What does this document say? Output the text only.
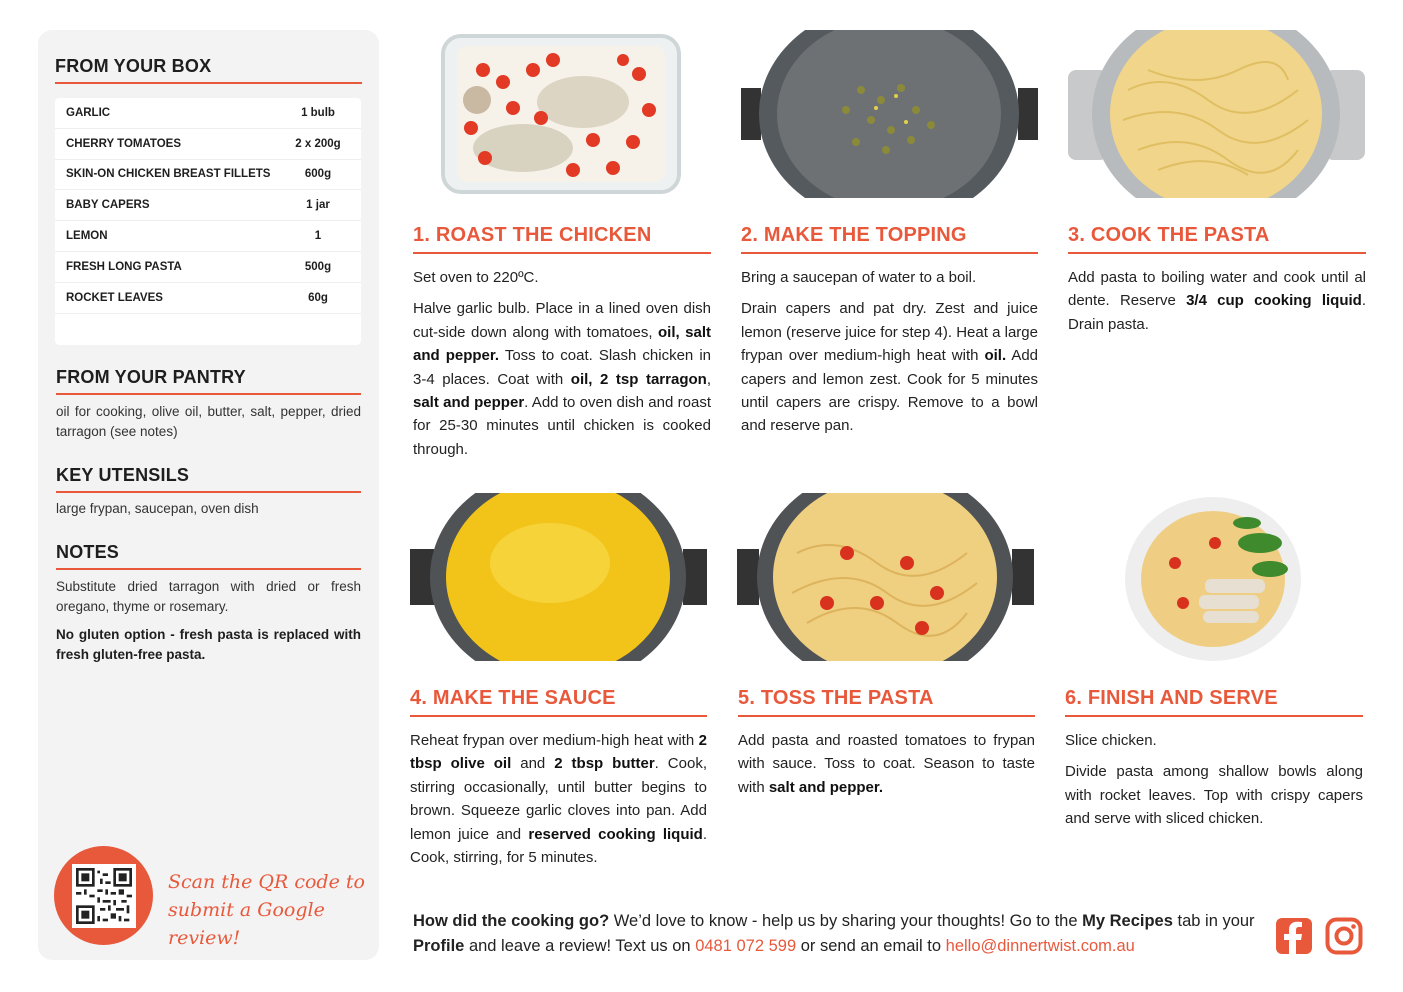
FROM YOUR BOX
GARLIC	1 bulb
CHERRY TOMATOES	2 x 200g
SKIN-ON CHICKEN BREAST FILLETS	600g
BABY CAPERS	1 jar
LEMON	1
FRESH LONG PASTA	500g
ROCKET LEAVES	60g
FROM YOUR PANTRY
oil for cooking, olive oil, butter, salt, pepper, dried tarragon (see notes)
KEY UTENSILS
large frypan, saucepan, oven dish
NOTES
Substitute dried tarragon with dried or fresh oregano, thyme or rosemary.
No gluten option - fresh pasta is replaced with fresh gluten-free pasta.
Scan the QR code to
submit a Google review!
1. ROAST THE CHICKEN

Set oven to 220ºC.

Halve garlic bulb. Place in a lined oven dish cut-side down along with tomatoes, oil, salt and pepper. Toss to coat. Slash chicken in 3-4 places. Coat with oil, 2 tsp tarragon, salt and pepper. Add to oven dish and roast for 25-30 minutes until chicken is cooked through.

2. MAKE THE TOPPING

Bring a saucepan of water to a boil.

Drain capers and pat dry. Zest and juice lemon (reserve juice for step 4). Heat a large frypan over medium-high heat with oil. Add capers and lemon zest. Cook for 5 minutes until capers are crispy. Remove to a bowl and reserve pan.

3. COOK THE PASTA

Add pasta to boiling water and cook until al dente. Reserve 3/4 cup cooking liquid. Drain pasta.

4. MAKE THE SAUCE

Reheat frypan over medium-high heat with 2 tbsp olive oil and 2 tbsp butter. Cook, stirring occasionally, until butter begins to brown. Squeeze garlic cloves into pan. Add lemon juice and reserved cooking liquid. Cook, stirring, for 5 minutes.

5. TOSS THE PASTA

Add pasta and roasted tomatoes to frypan with sauce. Toss to coat. Season to taste with salt and pepper.

6. FINISH AND SERVE

Slice chicken.

Divide pasta among shallow bowls along with rocket leaves. Top with crispy capers and serve with sliced chicken.

How did the cooking go? We’d love to know - help us by sharing your thoughts! Go to the My Recipes tab in your Profile and leave a review! Text us on 0481 072 599 or send an email to hello@dinnertwist.com.au
